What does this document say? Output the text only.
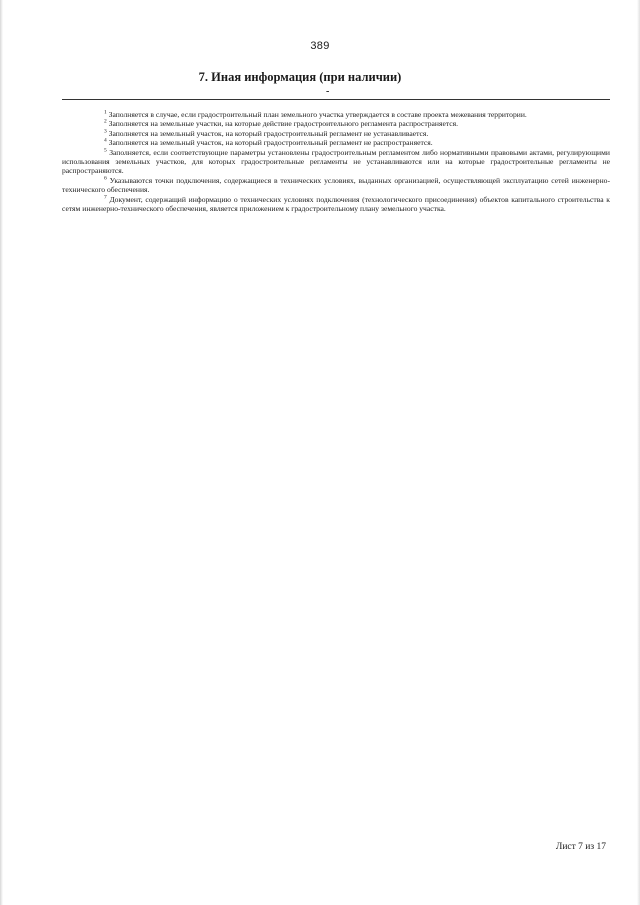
389
7. Иная информация (при наличии)
-

$^1$ Заполняется в случае, если градостроительный план земельного участка утверждается в составе проекта межевания территории.

$^2$ Заполняется на земельные участки, на которые действие градостроительного регламента распространяется.

$^3$ Заполняется на земельный участок, на который градостроительный регламент не устанавливается.

$^4$ Заполняется на земельный участок, на который градостроительный регламент не распространяется.

$^5$ Заполняется, если соответствующие параметры установлены градостроительным регламентом либо нормативными правовыми актами, регулирующими использования земельных участков, для которых градостроительные регламенты не устанавливаются или на которые градостроительные регламенты не распространяются.

$^6$ Указываются точки подключения, содержащиеся в технических условиях, выданных организацией, осуществляющей эксплуатацию сетей инженерно-технического обеспечения.

$^7$ Документ, содержащий информацию о технических условиях подключения (технологического присоединения) объектов капитального строительства к сетям инженерно-технического обеспечения, является приложением к градостроительному плану земельного участка.

Лист 7 из 17
